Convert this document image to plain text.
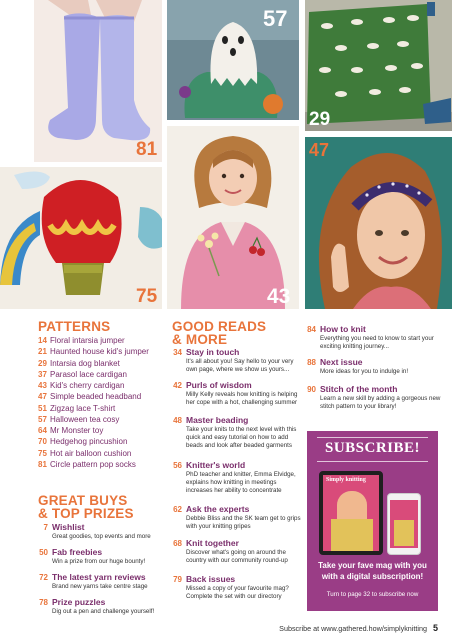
81
57
29
75	43
47
PATTERNS
14 Floral intarsia jumper
21 Haunted house kid's jumper
29 Intarsia dog blanket
37 Parasol lace cardigan
43 Kid's cherry cardigan
47 Simple beaded headband
51 Zigzag lace T-shirt
57 Halloween tea cosy
64 Mr Monster toy
70 Hedgehog pincushion
75 Hot air balloon cushion
81 Circle pattern pop socks
GREAT BUYS
& TOP PRIZES
7 Wishlist
Great goodies, top events and more
50 Fab freebies
Win a prize from our huge bounty!
72 The latest yarn reviews
Brand new yarns take centre stage
78 Prize puzzles
Dig out a pen and challenge yourself!
GOOD READS
& MORE
34 Stay in touch
It's all about you! Say hello to your very own page, where we show us yours...
42 Purls of wisdom
Milly Kelly reveals how knitting is helping her cope with a hot, challenging summer
48 Master beading
Take your knits to the next level with this quick and easy tutorial on how to add beads and look after beaded garments
56 Knitter's world
PhD teacher and knitter, Emma Elvidge, explains how knitting in meetings increases her ability to concentrate
62 Ask the experts
Debbie Bliss and the SK team get to grips with your knitting gripes
68 Knit together
Discover what's going on around the country with our community round-up
79 Back issues
Missed a copy of your favourite mag? Complete the set with our directory
84 How to knit
Everything you need to know to start your exciting knitting journey...
88 Next issue
More ideas for you to indulge in!
90 Stitch of the month
Learn a new skill by adding a gorgeous new stitch pattern to your library!
SUBSCRIBE!
Simply knitting
Take your fave mag with you with a digital subscription!
Turn to page 32 to subscribe now
Subscribe at www.gathered.how/simplyknitting 5
